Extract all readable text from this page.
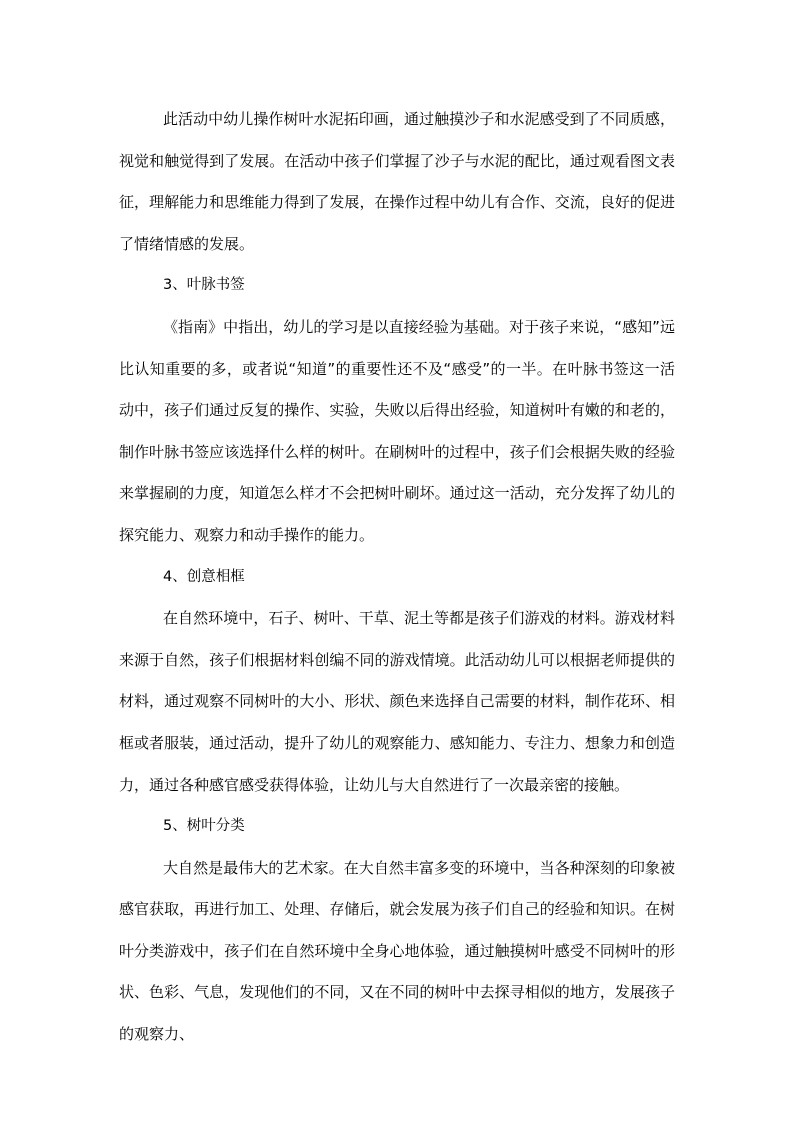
此活动中幼儿操作树叶水泥拓印画，通过触摸沙子和水泥感受到了不同质感，视觉和触觉得到了发展。在活动中孩子们掌握了沙子与水泥的配比，通过观看图文表征，理解能力和思维能力得到了发展，在操作过程中幼儿有合作、交流，良好的促进了情绪情感的发展。

3、叶脉书签

《指南》中指出，幼儿的学习是以直接经验为基础。对于孩子来说，“感知”远比认知重要的多，或者说“知道”的重要性还不及“感受”的一半。在叶脉书签这一活动中，孩子们通过反复的操作、实验，失败以后得出经验，知道树叶有嫩的和老的，制作叶脉书签应该选择什么样的树叶。在刷树叶的过程中，孩子们会根据失败的经验来掌握刷的力度，知道怎么样才不会把树叶刷坏。通过这一活动，充分发挥了幼儿的探究能力、观察力和动手操作的能力。

4、创意相框

在自然环境中，石子、树叶、干草、泥土等都是孩子们游戏的材料。游戏材料来源于自然，孩子们根据材料创编不同的游戏情境。此活动幼儿可以根据老师提供的材料，通过观察不同树叶的大小、形状、颜色来选择自己需要的材料，制作花环、相框或者服装，通过活动，提升了幼儿的观察能力、感知能力、专注力、想象力和创造力，通过各种感官感受获得体验，让幼儿与大自然进行了一次最亲密的接触。

5、树叶分类

大自然是最伟大的艺术家。在大自然丰富多变的环境中，当各种深刻的印象被感官获取，再进行加工、处理、存储后，就会发展为孩子们自己的经验和知识。在树叶分类游戏中，孩子们在自然环境中全身心地体验，通过触摸树叶感受不同树叶的形状、色彩、气息，发现他们的不同，又在不同的树叶中去探寻相似的地方，发展孩子的观察力、
